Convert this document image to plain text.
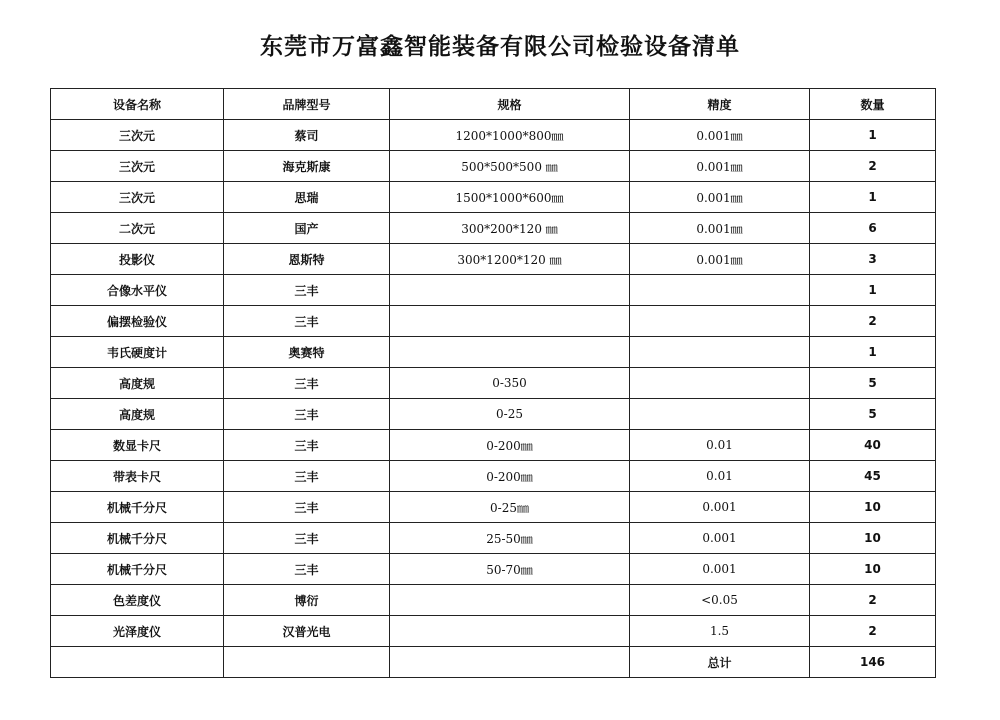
东莞市万富鑫智能装备有限公司检验设备清单
设备名称	品牌型号	规格	精度	数量
三次元	蔡司	1200*1000*800㎜	0.001㎜	1
三次元	海克斯康	500*500*500 ㎜	0.001㎜	2
三次元	思瑞	1500*1000*600㎜	0.001㎜	1
二次元	国产	300*200*120 ㎜	0.001㎜	6
投影仪	恩斯特	300*1200*120 ㎜	0.001㎜	3
合像水平仪	三丰			1
偏摆检验仪	三丰			2
韦氏硬度计	奥赛特			1
高度规	三丰	0-350		5
高度规	三丰	0-25		5
数显卡尺	三丰	0-200㎜	0.01	40
带表卡尺	三丰	0-200㎜	0.01	45
机械千分尺	三丰	0-25㎜	0.001	10
机械千分尺	三丰	25-50㎜	0.001	10
机械千分尺	三丰	50-70㎜	0.001	10
色差度仪	博衍		<0.05	2
光泽度仪	汉普光电		1.5	2
			总计	146
